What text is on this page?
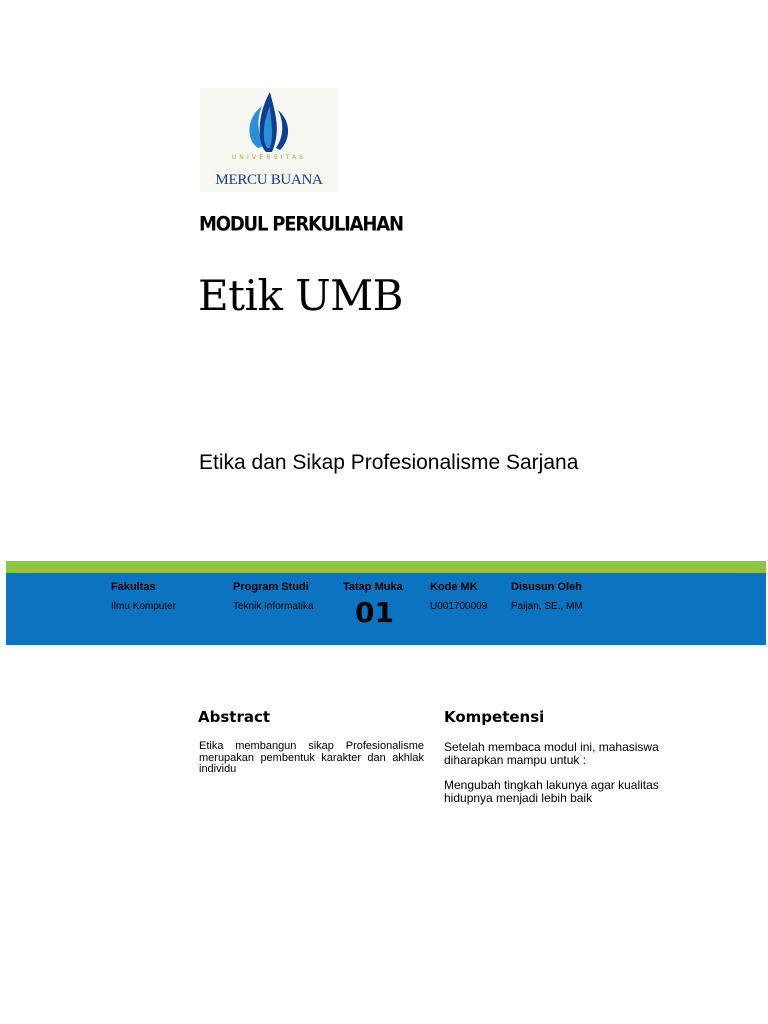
UNIVERSITAS
MERCU BUANA
MODUL PERKULIAHAN
Etik UMB
Etika dan Sikap Profesionalisme Sarjana
Fakultas
Ilmu Komputer
Program Studi
Teknik Informatika
Tatap Muka
01
Kode MK
U001700009
Disusun Oleh
Paijan, SE., MM
Abstract
Etika membangun sikap Profesionalisme merupakan pembentuk karakter dan akhlak individu
Kompetensi

Setelah membaca modul ini, mahasiswa diharapkan mampu untuk :

Mengubah tingkah lakunya agar kualitas hidupnya menjadi lebih baik
